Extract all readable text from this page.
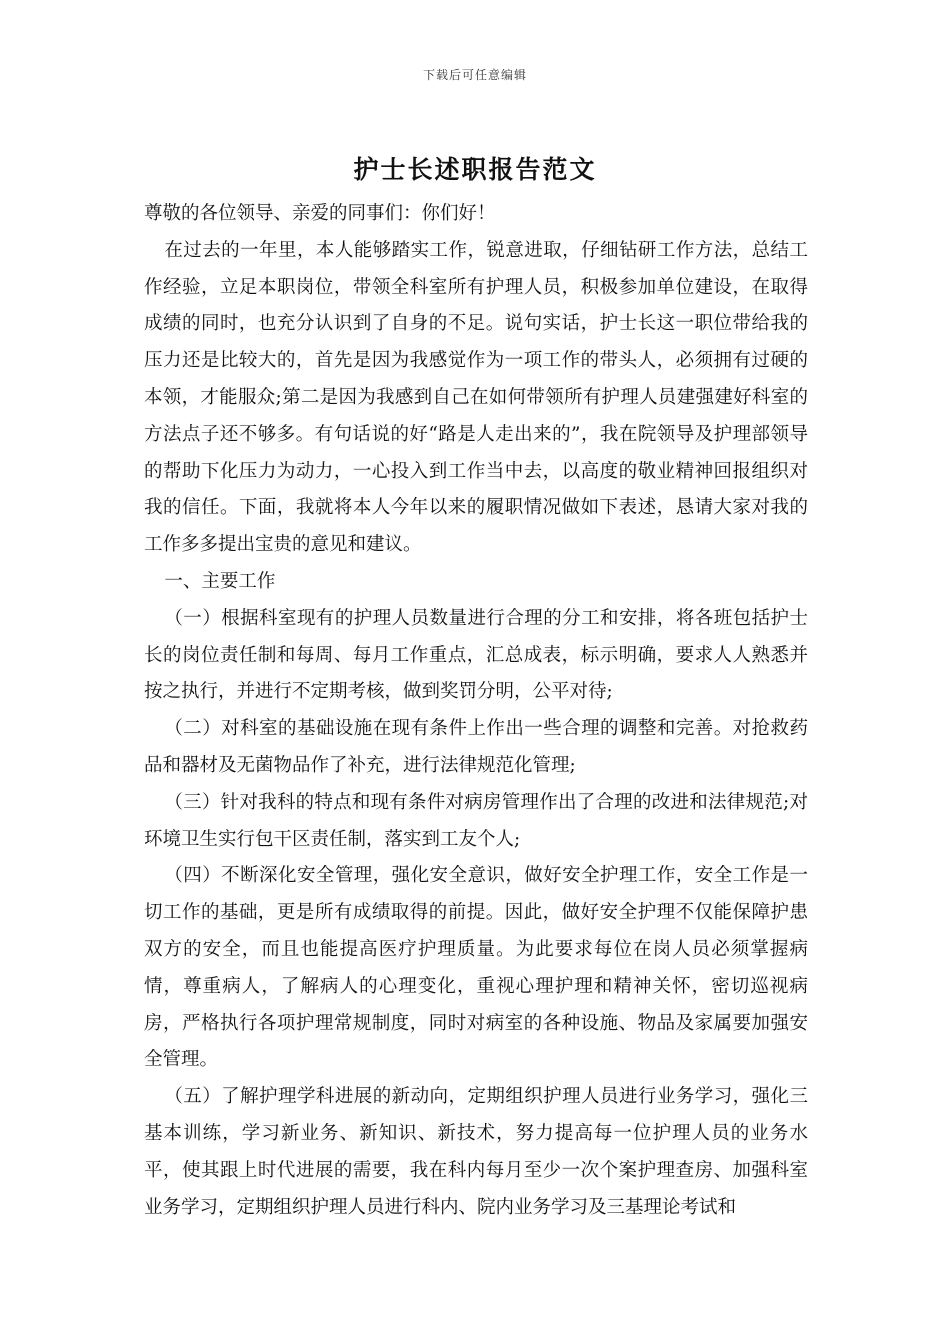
下载后可任意编辑
护士长述职报告范文

尊敬的各位领导、亲爱的同事们：你们好！

在过去的一年里，本人能够踏实工作，锐意进取，仔细钻研工作方法，总结工作经验，立足本职岗位，带领全科室所有护理人员，积极参加单位建设，在取得成绩的同时，也充分认识到了自身的不足。说句实话，护士长这一职位带给我的压力还是比较大的，首先是因为我感觉作为一项工作的带头人，必须拥有过硬的本领，才能服众;第二是因为我感到自己在如何带领所有护理人员建强建好科室的方法点子还不够多。有句话说的好“路是人走出来的”，我在院领导及护理部领导的帮助下化压力为动力，一心投入到工作当中去，以高度的敬业精神回报组织对我的信任。下面，我就将本人今年以来的履职情况做如下表述，恳请大家对我的工作多多提出宝贵的意见和建议。

一、主要工作

（一）根据科室现有的护理人员数量进行合理的分工和安排，将各班包括护士长的岗位责任制和每周、每月工作重点，汇总成表，标示明确，要求人人熟悉并按之执行，并进行不定期考核，做到奖罚分明，公平对待;

（二）对科室的基础设施在现有条件上作出一些合理的调整和完善。对抢救药品和器材及无菌物品作了补充，进行法律规范化管理;

（三）针对我科的特点和现有条件对病房管理作出了合理的改进和法律规范;对环境卫生实行包干区责任制，落实到工友个人;

（四）不断深化安全管理，强化安全意识，做好安全护理工作，安全工作是一切工作的基础，更是所有成绩取得的前提。因此，做好安全护理不仅能保障护患双方的安全，而且也能提高医疗护理质量。为此要求每位在岗人员必须掌握病情，尊重病人，了解病人的心理变化，重视心理护理和精神关怀，密切巡视病房，严格执行各项护理常规制度，同时对病室的各种设施、物品及家属要加强安全管理。

（五）了解护理学科进展的新动向，定期组织护理人员进行业务学习，强化三基本训练，学习新业务、新知识、新技术，努力提高每一位护理人员的业务水平，使其跟上时代进展的需要，我在科内每月至少一次个案护理查房、加强科室业务学习，定期组织护理人员进行科内、院内业务学习及三基理论考试和
